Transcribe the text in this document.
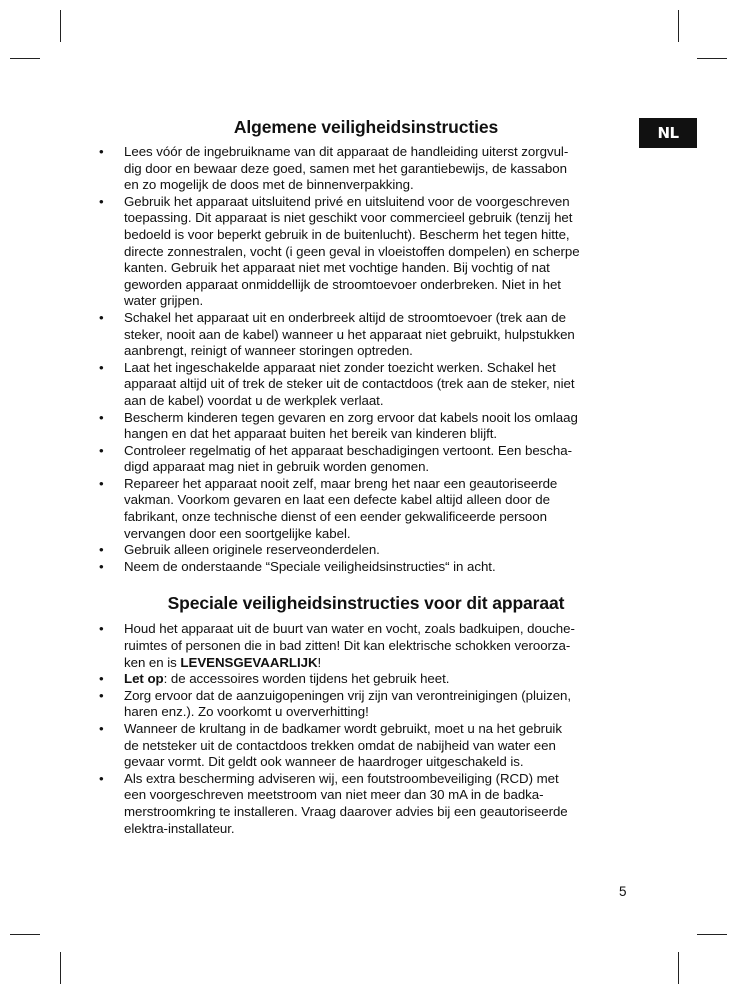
NL
Algemene veiligheidsinstructies
• Lees vóór de ingebruikname van dit apparaat de handleiding uiterst zorgvul-
dig door en bewaar deze goed, samen met het garantiebewijs, de kassabon
en zo mogelijk de doos met de binnenverpakking.
• Gebruik het apparaat uitsluitend privé en uitsluitend voor de voorgeschreven
toepassing. Dit apparaat is niet geschikt voor commercieel gebruik (tenzij het
bedoeld is voor beperkt gebruik in de buitenlucht). Bescherm het tegen hitte,
directe zonnestralen, vocht (i geen geval in vloeistoffen dompelen) en scherpe
kanten. Gebruik het apparaat niet met vochtige handen. Bij vochtig of nat
geworden apparaat onmiddellijk de stroomtoevoer onderbreken. Niet in het
water grijpen.
• Schakel het apparaat uit en onderbreek altijd de stroomtoevoer (trek aan de
steker, nooit aan de kabel) wanneer u het apparaat niet gebruikt, hulpstukken
aanbrengt, reinigt of wanneer storingen optreden.
• Laat het ingeschakelde apparaat niet zonder toezicht werken. Schakel het
apparaat altijd uit of trek de steker uit de contactdoos (trek aan de steker, niet
aan de kabel) voordat u de werkplek verlaat.
• Bescherm kinderen tegen gevaren en zorg ervoor dat kabels nooit los omlaag
hangen en dat het apparaat buiten het bereik van kinderen blijft.
• Controleer regelmatig of het apparaat beschadigingen vertoont. Een bescha-
digd apparaat mag niet in gebruik worden genomen.
• Repareer het apparaat nooit zelf, maar breng het naar een geautoriseerde
vakman. Voorkom gevaren en laat een defecte kabel altijd alleen door de
fabrikant, onze technische dienst of een eender gekwalificeerde persoon
vervangen door een soortgelijke kabel.
• Gebruik alleen originele reserveonderdelen.
• Neem de onderstaande “Speciale veiligheidsinstructies“ in acht.
Speciale veiligheidsinstructies voor dit apparaat
• Houd het apparaat uit de buurt van water en vocht, zoals badkuipen, douche-
ruimtes of personen die in bad zitten! Dit kan elektrische schokken veroorza-
ken en is LEVENSGEVAARLIJK!
• Let op: de accessoires worden tijdens het gebruik heet.
• Zorg ervoor dat de aanzuigopeningen vrij zijn van verontreinigingen (pluizen,
haren enz.). Zo voorkomt u oververhitting!
• Wanneer de krultang in de badkamer wordt gebruikt, moet u na het gebruik
de netsteker uit de contactdoos trekken omdat de nabijheid van water een
gevaar vormt. Dit geldt ook wanneer de haardroger uitgeschakeld is.
• Als extra bescherming adviseren wij, een foutstroombeveiliging (RCD) met
een voorgeschreven meetstroom van niet meer dan 30 mA in de badka-
merstroomkring te installeren. Vraag daarover advies bij een geautoriseerde
elektra-installateur.
5
